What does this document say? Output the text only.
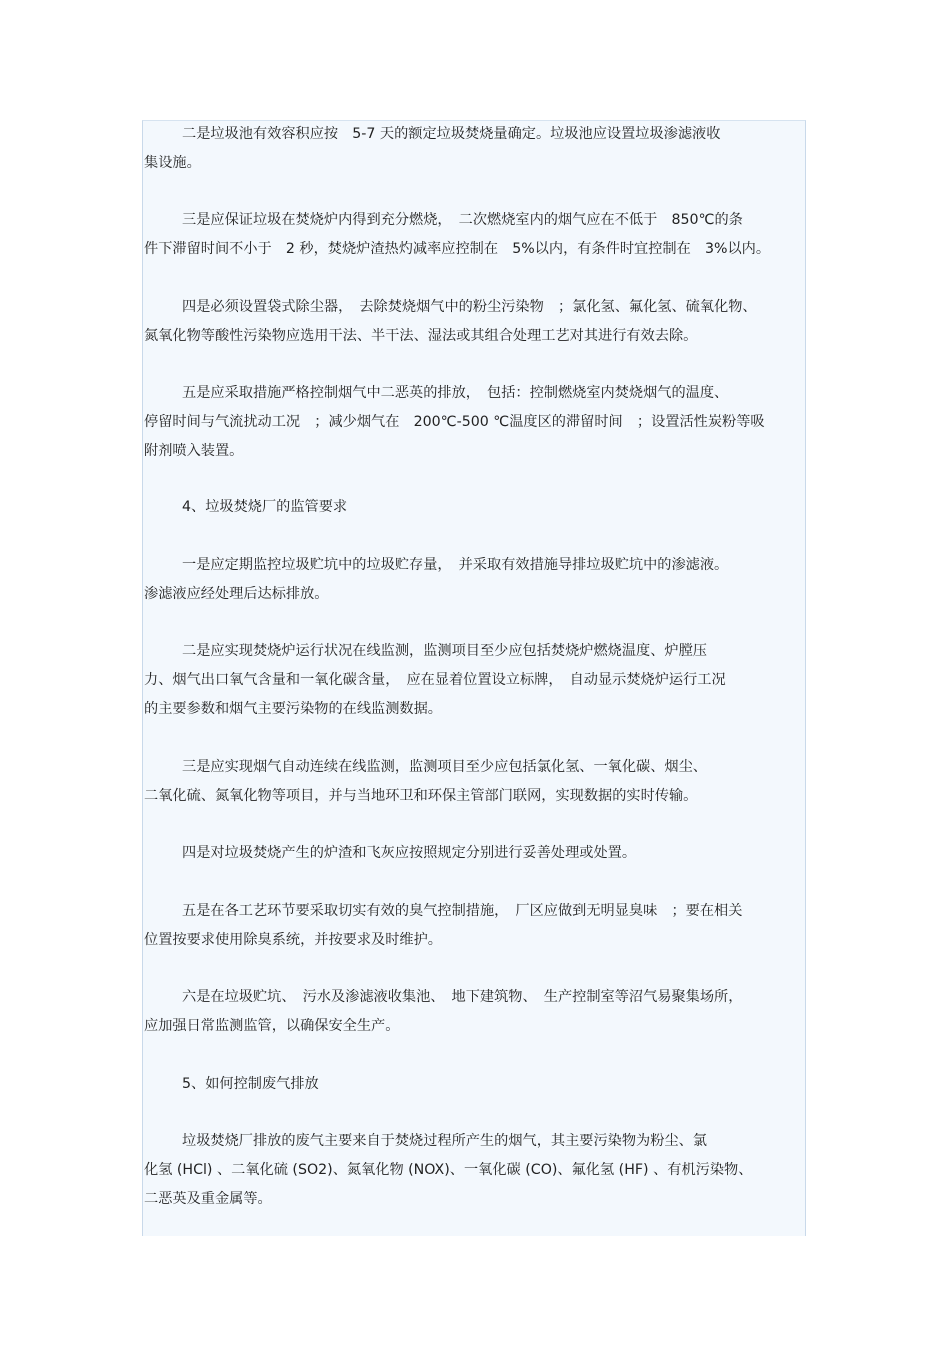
二是垃圾池有效容积应按　5-7 天的额定垃圾焚烧量确定。垃圾池应设置垃圾渗滤液收
集设施。
三是应保证垃圾在焚烧炉内得到充分燃烧，　二次燃烧室内的烟气应在不低于　850℃的条
件下滞留时间不小于　2 秒，焚烧炉渣热灼减率应控制在　5%以内，有条件时宜控制在　3%以内。
四是必须设置袋式除尘器，　去除焚烧烟气中的粉尘污染物　；氯化氢、氟化氢、硫氧化物、
氮氧化物等酸性污染物应选用干法、半干法、湿法或其组合处理工艺对其进行有效去除。
五是应采取措施严格控制烟气中二恶英的排放，　包括：控制燃烧室内焚烧烟气的温度、
停留时间与气流扰动工况　；减少烟气在　200℃-500 ℃温度区的滞留时间　；设置活性炭粉等吸
附剂喷入装置。
4、垃圾焚烧厂的监管要求
一是应定期监控垃圾贮坑中的垃圾贮存量，　并采取有效措施导排垃圾贮坑中的渗滤液。
渗滤液应经处理后达标排放。
二是应实现焚烧炉运行状况在线监测，监测项目至少应包括焚烧炉燃烧温度、炉膛压
力、烟气出口氧气含量和一氧化碳含量，　应在显着位置设立标牌，　自动显示焚烧炉运行工况
的主要参数和烟气主要污染物的在线监测数据。
三是应实现烟气自动连续在线监测，监测项目至少应包括氯化氢、一氧化碳、烟尘、
二氧化硫、氮氧化物等项目，并与当地环卫和环保主管部门联网，实现数据的实时传输。
四是对垃圾焚烧产生的炉渣和飞灰应按照规定分别进行妥善处理或处置。
五是在各工艺环节要采取切实有效的臭气控制措施，　厂区应做到无明显臭味　；要在相关
位置按要求使用除臭系统，并按要求及时维护。
六是在垃圾贮坑、　污水及渗滤液收集池、　地下建筑物、　生产控制室等沼气易聚集场所，
应加强日常监测监管，以确保安全生产。
5、如何控制废气排放
垃圾焚烧厂排放的废气主要来自于焚烧过程所产生的烟气，其主要污染物为粉尘、氯
化氢 (HCl) 、二氧化硫 (SO2)、氮氧化物 (NOX)、一氧化碳 (CO)、氟化氢 (HF) 、有机污染物、
二恶英及重金属等。
